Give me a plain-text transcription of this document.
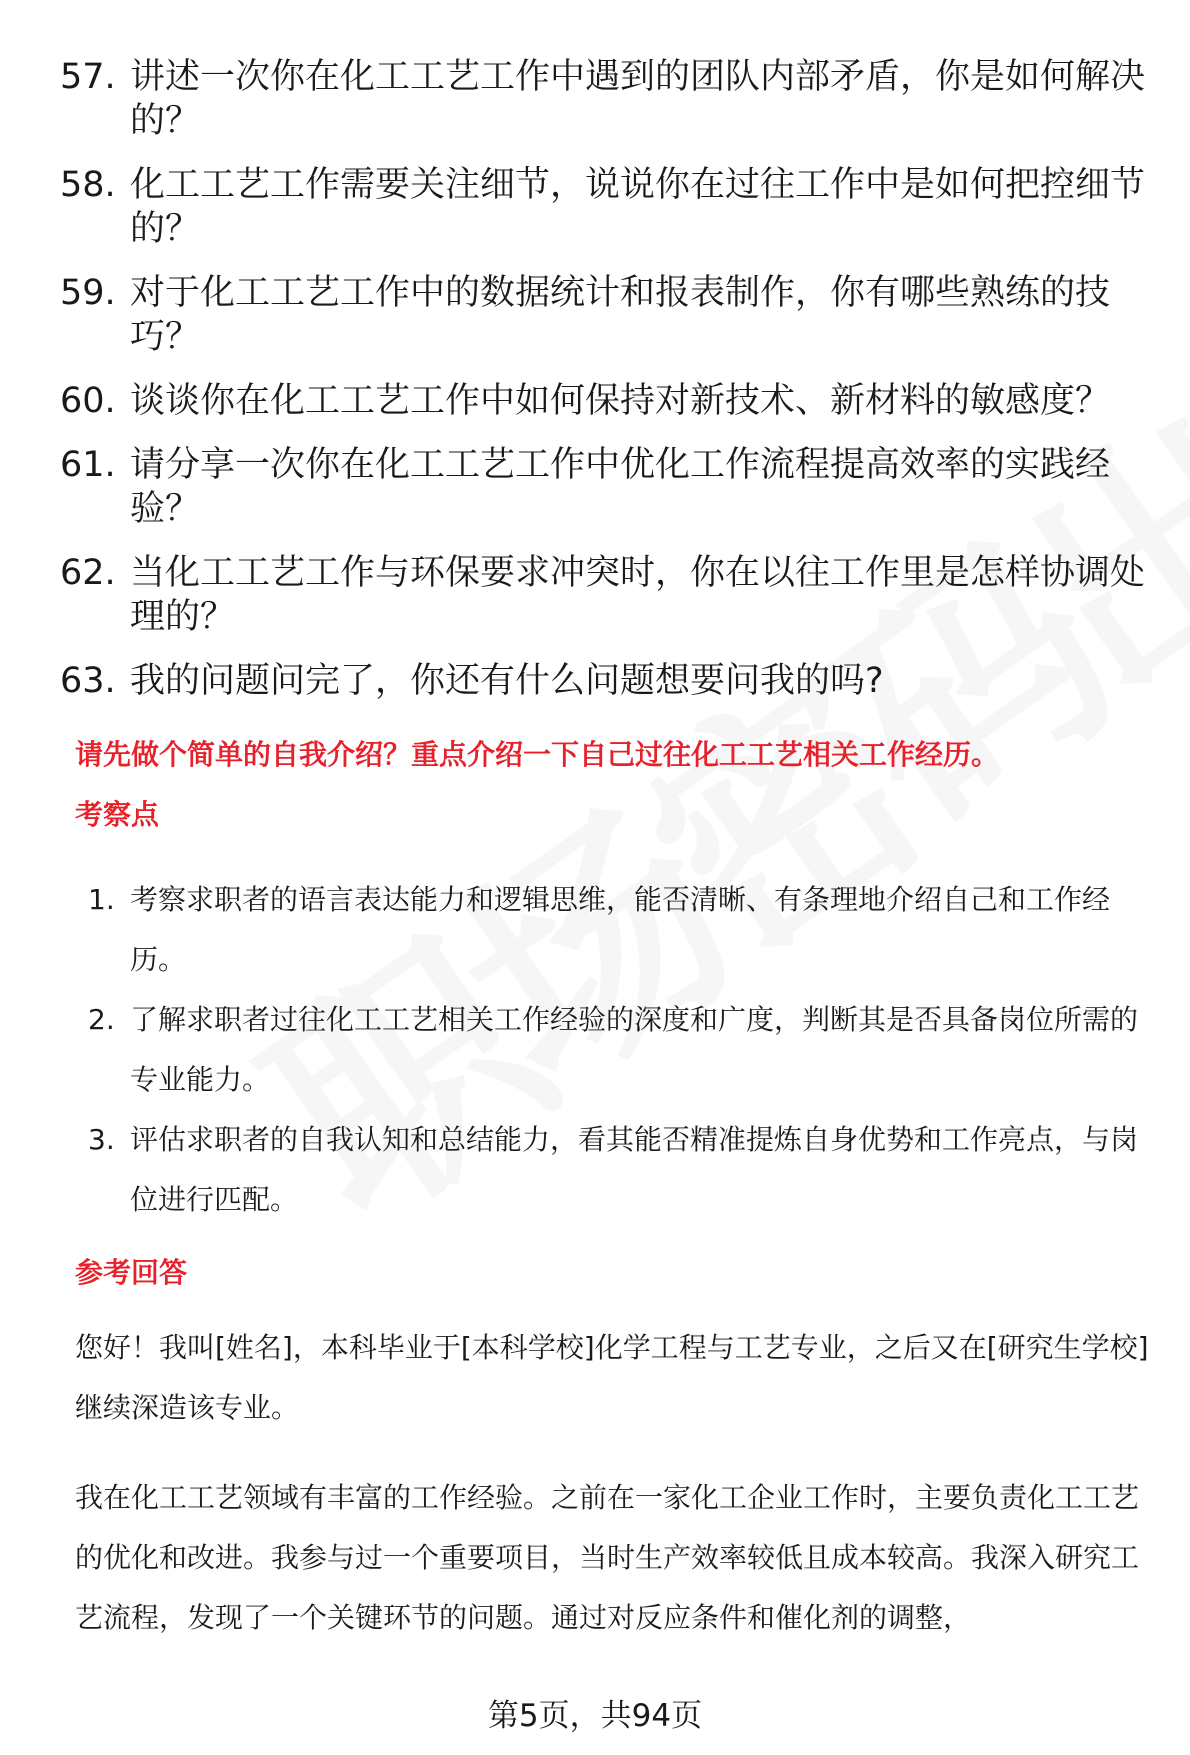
57. 讲述一次你在化工工艺工作中遇到的团队内部矛盾，你是如何解决的？
58. 化工工艺工作需要关注细节，说说你在过往工作中是如何把控细节的？
59. 对于化工工艺工作中的数据统计和报表制作，你有哪些熟练的技巧？
60. 谈谈你在化工工艺工作中如何保持对新技术、新材料的敏感度？
61. 请分享一次你在化工工艺工作中优化工作流程提高效率的实践经验？
62. 当化工工艺工作与环保要求冲突时，你在以往工作里是怎样协调处理的？
63. 我的问题问完了，你还有什么问题想要问我的吗?
请先做个简单的自我介绍？重点介绍一下自己过往化工工艺相关工作经历。
考察点
1. 考察求职者的语言表达能力和逻辑思维，能否清晰、有条理地介绍自己和工作经历。
2. 了解求职者过往化工工艺相关工作经验的深度和广度，判断其是否具备岗位所需的专业能力。
3. 评估求职者的自我认知和总结能力，看其能否精准提炼自身优势和工作亮点，与岗位进行匹配。
参考回答
您好！我叫[姓名]，本科毕业于[本科学校]化学工程与工艺专业，之后又在[研究生学校]继续深造该专业。
我在化工工艺领域有丰富的工作经验。之前在一家化工企业工作时，主要负责化工工艺的优化和改进。我参与过一个重要项目，当时生产效率较低且成本较高。我深入研究工艺流程，发现了一个关键环节的问题。通过对反应条件和催化剂的调整，
第5页，共94页
